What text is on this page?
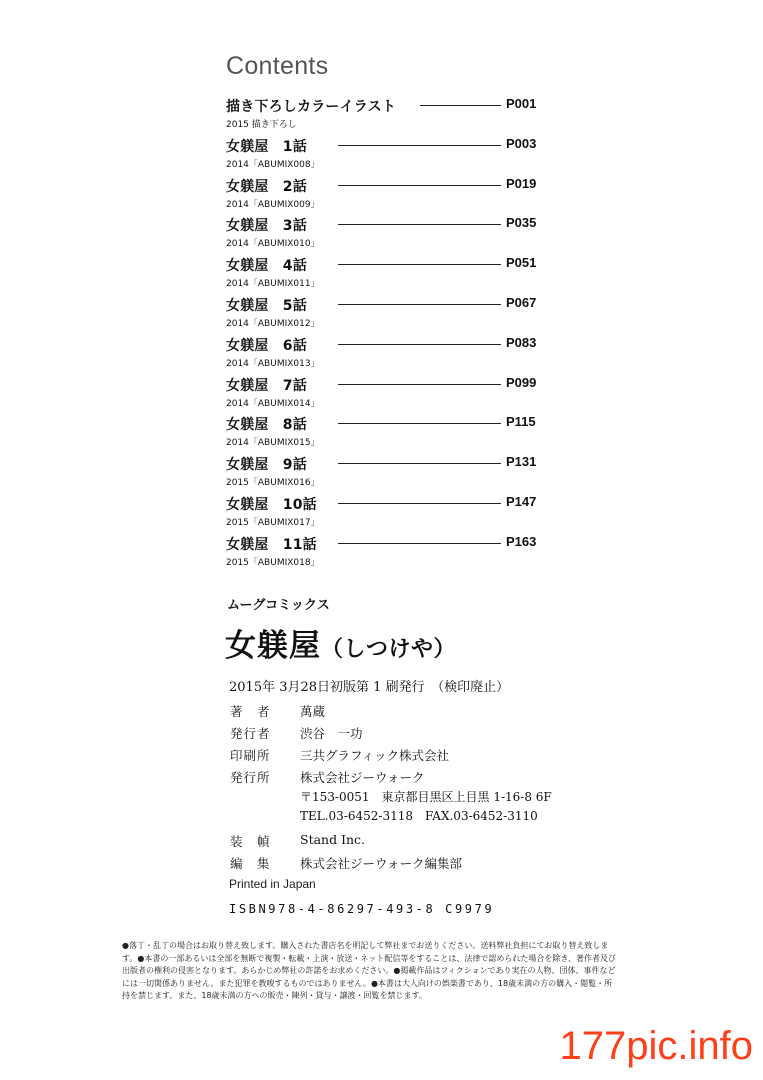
Contents
描き下ろしカラーイラスト	P001
2015 描き下ろし
女躾屋　1話	P003
2014「ABUMIX008」
女躾屋　2話	P019
2014「ABUMIX009」
女躾屋　3話	P035
2014「ABUMIX010」
女躾屋　4話	P051
2014「ABUMIX011」
女躾屋　5話	P067
2014「ABUMIX012」
女躾屋　6話	P083
2014「ABUMIX013」
女躾屋　7話	P099
2014「ABUMIX014」
女躾屋　8話	P115
2014「ABUMIX015」
女躾屋　9話	P131
2015「ABUMIX016」
女躾屋　10話	P147
2015「ABUMIX017」
女躾屋　11話	P163
2015「ABUMIX018」
ムーグコミックス
女躾屋（しつけや）
2015年 3月28日初版第 1 刷発行　（検印廃止）
著　者 萬蔵
発行者 渋谷　一功
印刷所 三共グラフィック株式会社
発行所 株式会社ジーウォーク
〒153-0051　東京都目黒区上目黒 1-16-8 6F
TEL.03-6452-3118　FAX.03-6452-3110
装　幀 Stand Inc.
編　集 株式会社ジーウォーク編集部
Printed in Japan
ISBN978-4-86297-493-8 C9979

●落丁・乱丁の場合はお取り替え致します。購入された書店名を明記して弊社までお送りください。送料弊社負担にてお取り替え致しま

す。●本書の一部あるいは全部を無断で複製・転載・上演・放送・ネット配信等をすることは、法律で認められた場合を除き、著作者及び

出版者の権利の侵害となります。あらかじめ弊社の許諾をお求めください。●掲載作品はフィクションであり実在の人物、団体、事件など

には一切関係ありません。また犯罪を教唆するものではありません。●本書は大人向けの娯楽書であり、18歳未満の方の購入・閲覧・所

持を禁じます。また、18歳未満の方への販売・陳列・貸与・譲渡・回覧を禁じます。

177pic.info
